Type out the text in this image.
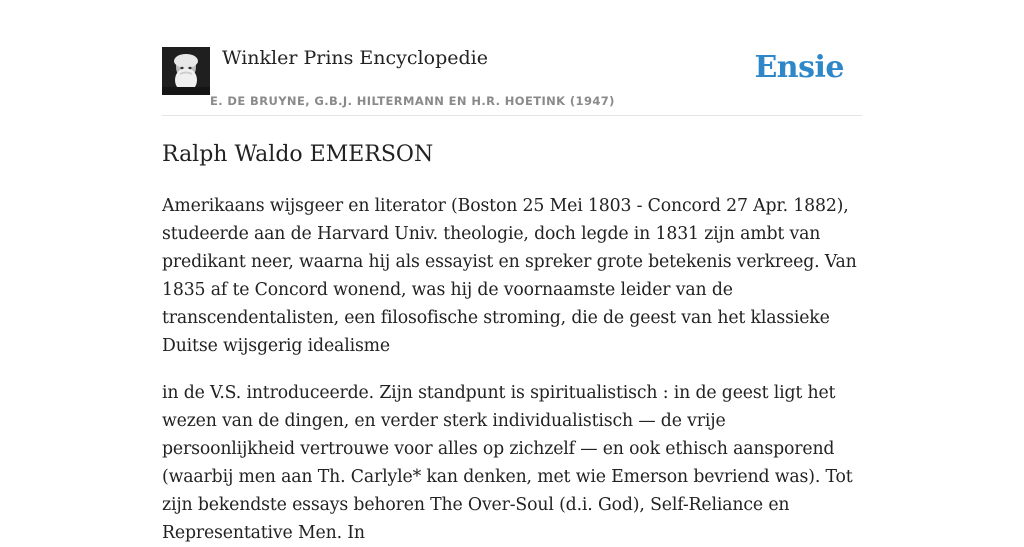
Winkler Prins Encyclopedie
E. DE BRUYNE, G.B.J. HILTERMANN EN H.R. HOETINK (1947)
Ensie
Ralph Waldo EMERSON

Amerikaans wijsgeer en literator (Boston 25 Mei 1803 - Concord 27 Apr. 1882), studeerde aan de Harvard Univ. theologie, doch legde in 1831 zijn ambt van predikant neer, waarna hij als essayist en spreker grote betekenis verkreeg. Van 1835 af te Concord wonend, was hij de voornaamste leider van de transcendentalisten, een filosofische stroming, die de geest van het klassieke Duitse wijsgerig idealisme

in de V.S. introduceerde. Zijn standpunt is spiritualistisch : in de geest ligt het wezen van de dingen, en verder sterk individualistisch — de vrije persoonlijkheid vertrouwe voor alles op zichzelf — en ook ethisch aansporend (waarbij men aan Th. Carlyle* kan denken, met wie Emerson bevriend was). Tot zijn bekendste essays behoren The Over-Soul (d.i. God), Self-Reliance en Representative Men. In
